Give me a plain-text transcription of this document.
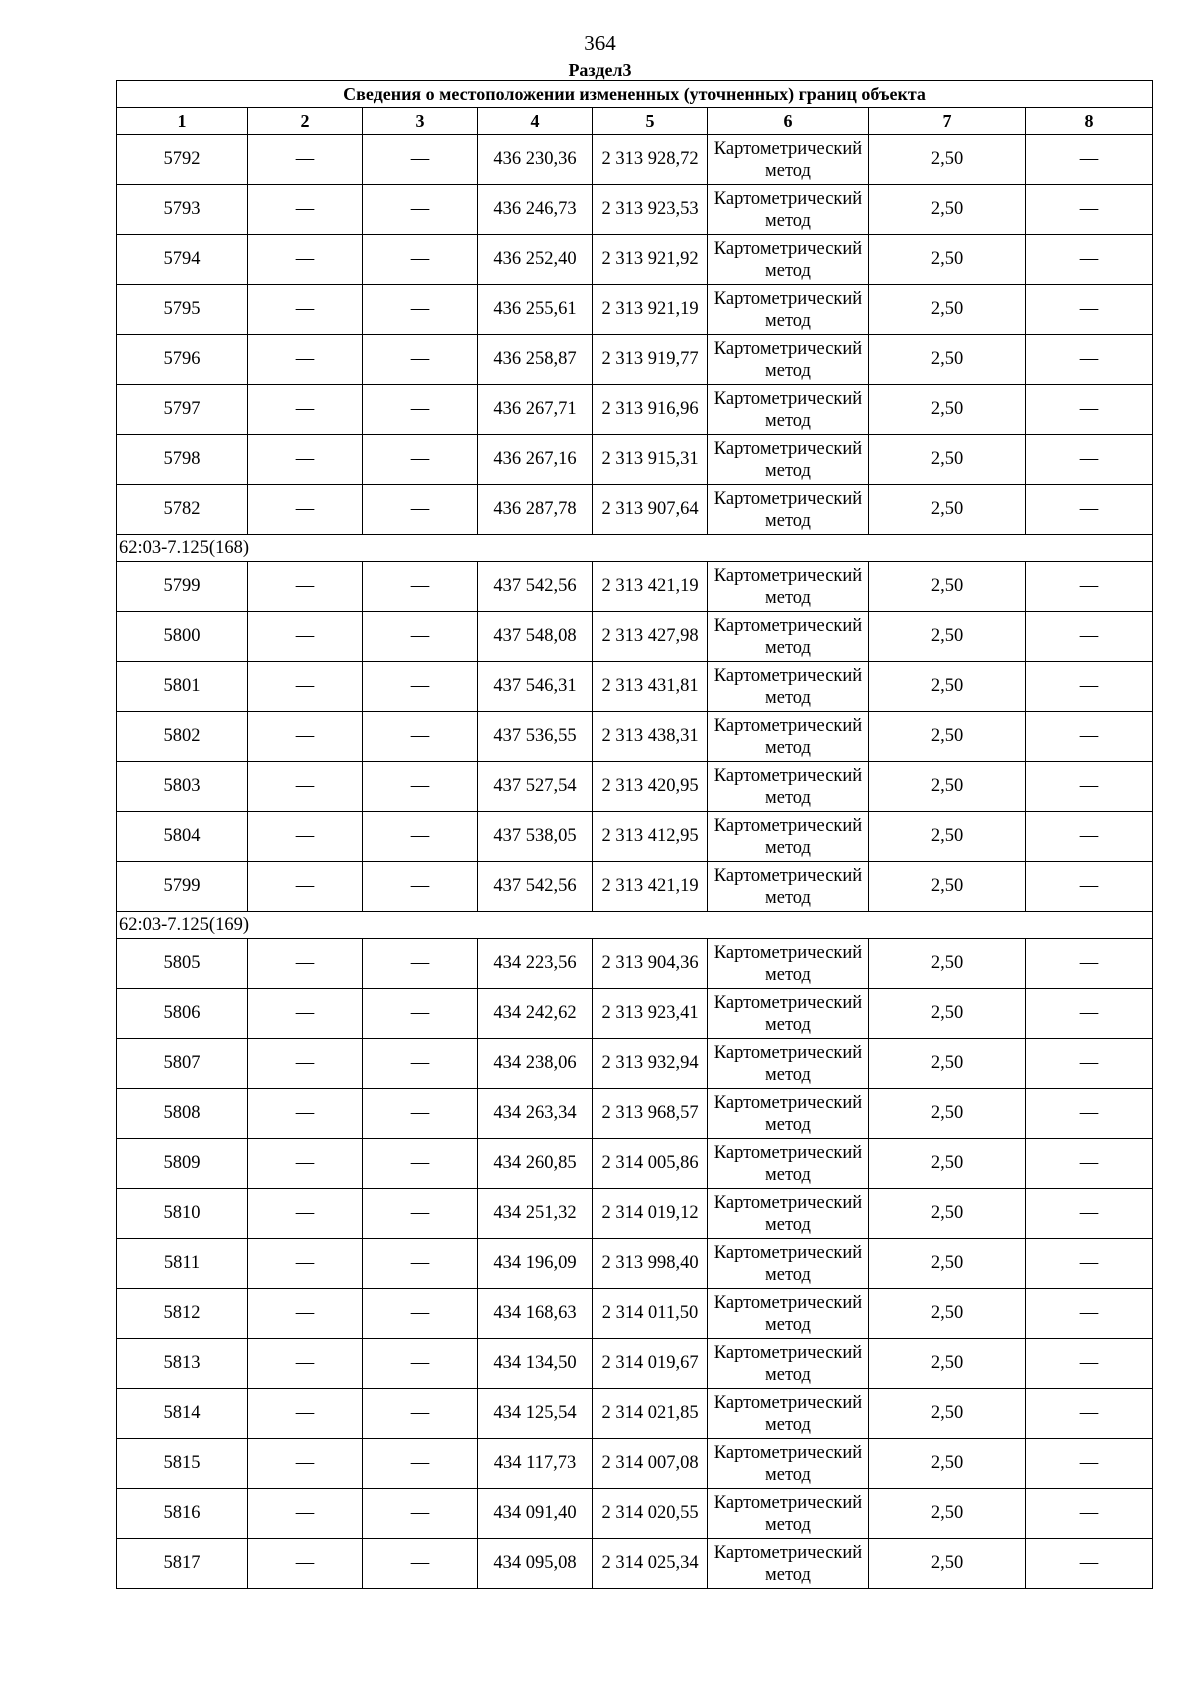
364
Раздел3
Сведения о местоположении измененных (уточненных) границ объекта							
1	2	3	4	5	6	7	8
5792	—	—	436 230,36	2 313 928,72	Картометрический метод	2,50	—
5793	—	—	436 246,73	2 313 923,53	Картометрический метод	2,50	—
5794	—	—	436 252,40	2 313 921,92	Картометрический метод	2,50	—
5795	—	—	436 255,61	2 313 921,19	Картометрический метод	2,50	—
5796	—	—	436 258,87	2 313 919,77	Картометрический метод	2,50	—
5797	—	—	436 267,71	2 313 916,96	Картометрический метод	2,50	—
5798	—	—	436 267,16	2 313 915,31	Картометрический метод	2,50	—
5782	—	—	436 287,78	2 313 907,64	Картометрический метод	2,50	—
62:03-7.125(168)							
5799	—	—	437 542,56	2 313 421,19	Картометрический метод	2,50	—
5800	—	—	437 548,08	2 313 427,98	Картометрический метод	2,50	—
5801	—	—	437 546,31	2 313 431,81	Картометрический метод	2,50	—
5802	—	—	437 536,55	2 313 438,31	Картометрический метод	2,50	—
5803	—	—	437 527,54	2 313 420,95	Картометрический метод	2,50	—
5804	—	—	437 538,05	2 313 412,95	Картометрический метод	2,50	—
5799	—	—	437 542,56	2 313 421,19	Картометрический метод	2,50	—
62:03-7.125(169)							
5805	—	—	434 223,56	2 313 904,36	Картометрический метод	2,50	—
5806	—	—	434 242,62	2 313 923,41	Картометрический метод	2,50	—
5807	—	—	434 238,06	2 313 932,94	Картометрический метод	2,50	—
5808	—	—	434 263,34	2 313 968,57	Картометрический метод	2,50	—
5809	—	—	434 260,85	2 314 005,86	Картометрический метод	2,50	—
5810	—	—	434 251,32	2 314 019,12	Картометрический метод	2,50	—
5811	—	—	434 196,09	2 313 998,40	Картометрический метод	2,50	—
5812	—	—	434 168,63	2 314 011,50	Картометрический метод	2,50	—
5813	—	—	434 134,50	2 314 019,67	Картометрический метод	2,50	—
5814	—	—	434 125,54	2 314 021,85	Картометрический метод	2,50	—
5815	—	—	434 117,73	2 314 007,08	Картометрический метод	2,50	—
5816	—	—	434 091,40	2 314 020,55	Картометрический метод	2,50	—
5817	—	—	434 095,08	2 314 025,34	Картометрический метод	2,50	—
